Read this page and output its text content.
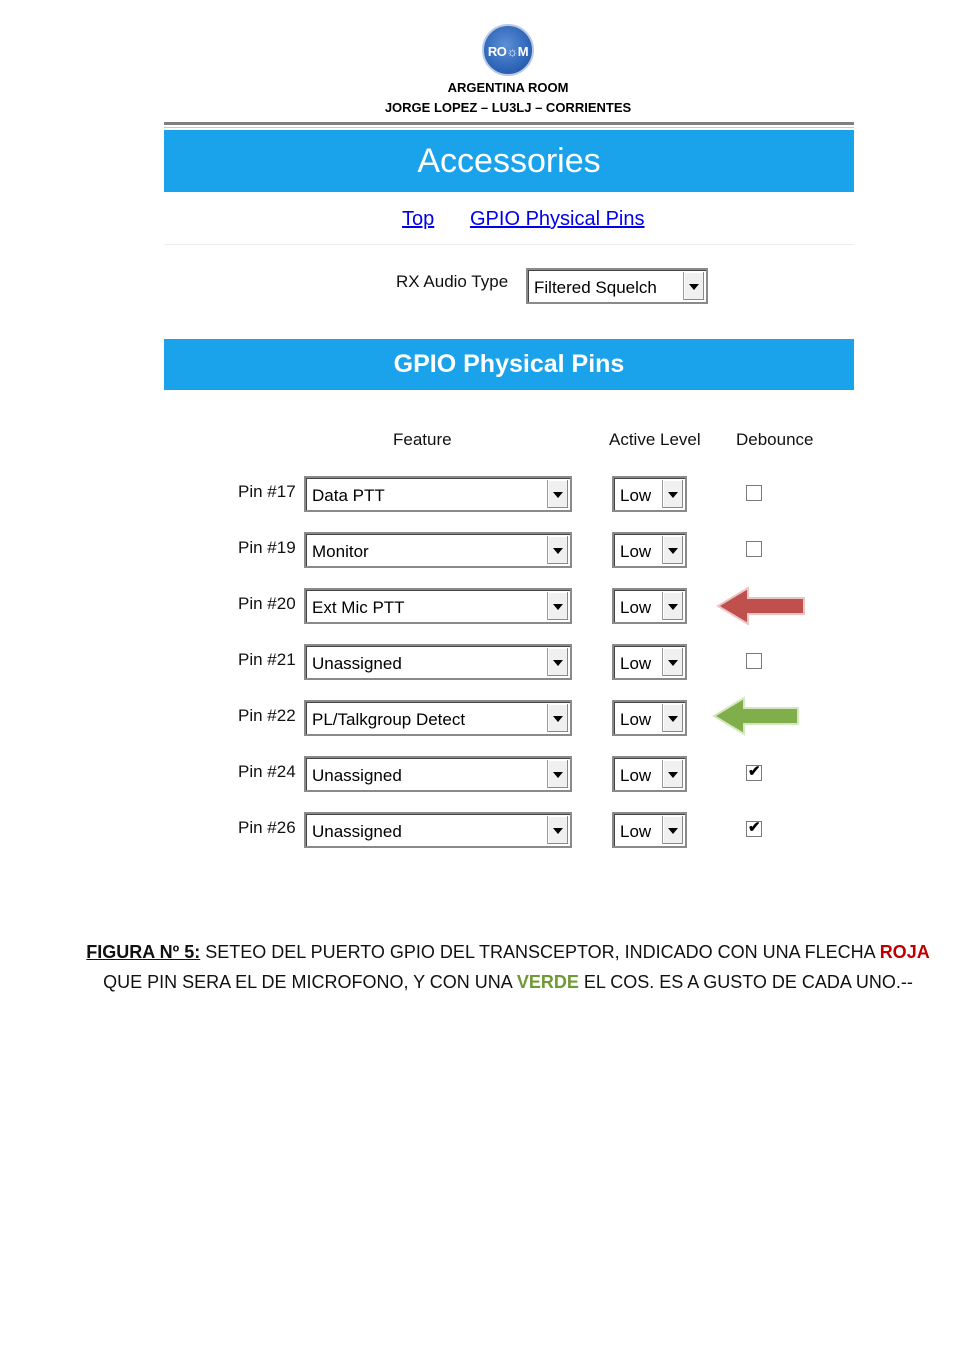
RO☼M
ARGENTINA ROOM
JORGE LOPEZ – LU3LJ – CORRIENTES
Accessories
Top GPIO Physical Pins
RX Audio Type Filtered Squelch
GPIO Physical Pins
Feature	Active Level Debounce
Pin #17 Data PTT	Low
Pin #19 Monitor	Low
Pin #20 Ext Mic PTT	Low
Pin #21 Unassigned	Low
Pin #22 PL/Talkgroup Detect	Low
Pin #24 Unassigned	Low	✔
Pin #26 Unassigned	Low	✔
FIGURA Nº 5: SETEO DEL PUERTO GPIO DEL TRANSCEPTOR, INDICADO CON UNA FLECHA ROJA
QUE PIN SERA EL DE MICROFONO, Y CON UNA VERDE EL COS. ES A GUSTO DE CADA UNO.--
